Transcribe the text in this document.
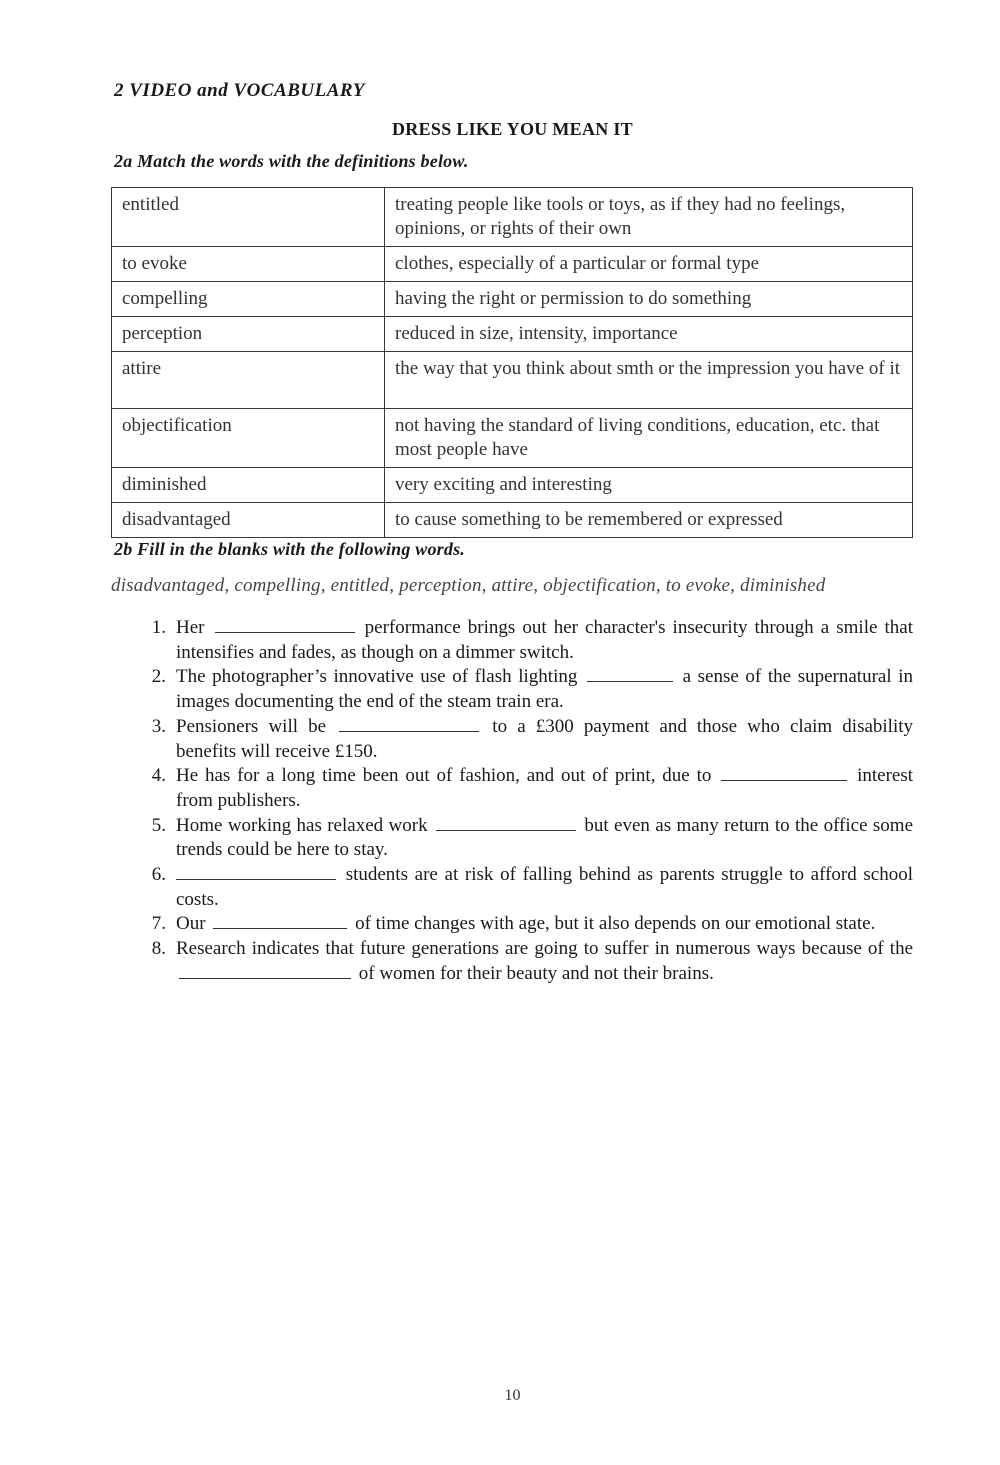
2 VIDEO and VOCABULARY
DRESS LIKE YOU MEAN IT
2a Match the words with the definitions below.
entitled	treating people like tools or toys, as if they had no feelings, opinions, or rights of their own
to evoke	clothes, especially of a particular or formal type
compelling	having the right or permission to do something
perception	reduced in size, intensity, importance
attire	the way that you think about smth or the impression you have of it
objectification	not having the standard of living conditions, education, etc. that most people have
diminished	very exciting and interesting
disadvantaged	to cause something to be remembered or expressed
2b Fill in the blanks with the following words.
disadvantaged, compelling, entitled, perception, attire, objectification, to evoke, diminished
1. Her	performance brings out her character's insecurity through a smile that intensifies and fades, as though on a dimmer switch.
2. The photographer’s innovative use of flash lighting	a sense of the supernatural in images documenting the end of the steam train era.
3. Pensioners will be	to a £300 payment and those who claim disability benefits will receive £150.
4. He has for a long time been out of fashion, and out of print, due to	interest from publishers.
5. Home working has relaxed work	but even as many return to the office some trends could be here to stay.
6.	students are at risk of falling behind as parents struggle to afford school costs.
7. Our	of time changes with age, but it also depends on our emotional state.
8. Research indicates that future generations are going to suffer in numerous ways because of the  of women for their beauty and not their brains.
10
